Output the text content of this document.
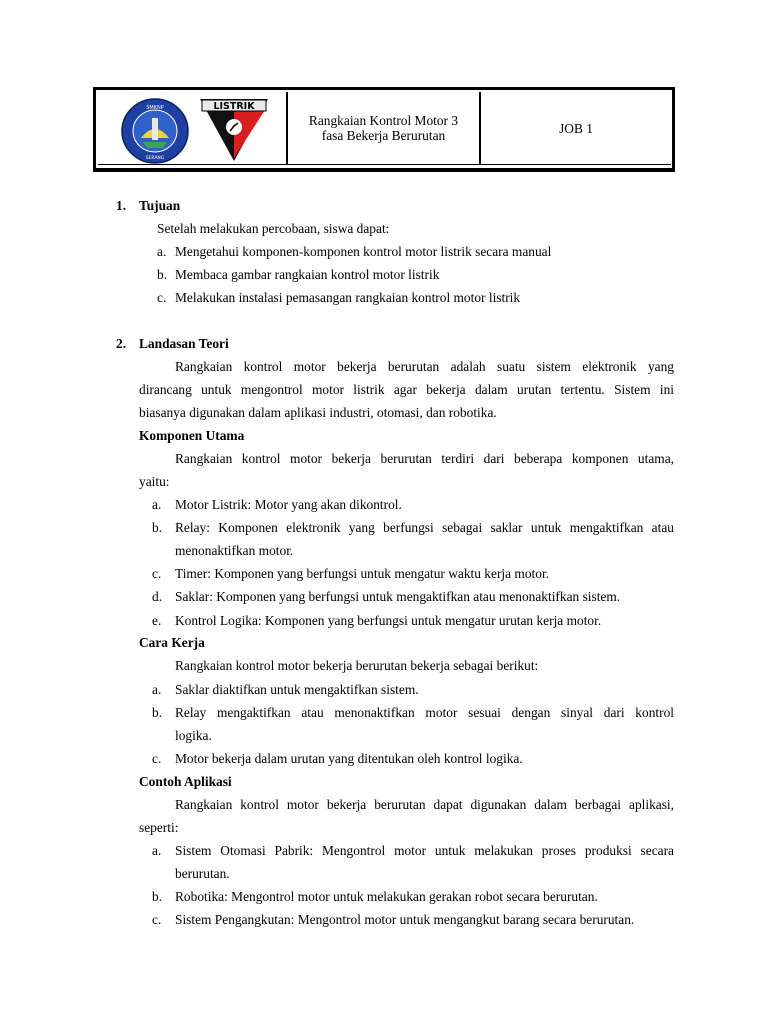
SMKNP
SERANG
LISTRIK
Rangkaian Kontrol Motor 3 fasa Bekerja Berurutan	JOB 1
1. Tujuan
Setelah melakukan percobaan, siswa dapat:
a. Mengetahui komponen-komponen kontrol motor listrik secara manual
b. Membaca gambar rangkaian kontrol motor listrik
c. Melakukan instalasi pemasangan rangkaian kontrol motor listrik
2. Landasan Teori
Rangkaian kontrol motor bekerja berurutan adalah suatu sistem elektronik yang
dirancang untuk mengontrol motor listrik agar bekerja dalam urutan tertentu. Sistem ini
biasanya digunakan dalam aplikasi industri, otomasi, dan robotika.
Komponen Utama
Rangkaian kontrol motor bekerja berurutan terdiri dari beberapa komponen utama,
yaitu:
a. Motor Listrik: Motor yang akan dikontrol.
b. Relay: Komponen elektronik yang berfungsi sebagai saklar untuk mengaktifkan atau
menonaktifkan motor.
c. Timer: Komponen yang berfungsi untuk mengatur waktu kerja motor.
d. Saklar: Komponen yang berfungsi untuk mengaktifkan atau menonaktifkan sistem.
e. Kontrol Logika: Komponen yang berfungsi untuk mengatur urutan kerja motor.
Cara Kerja
Rangkaian kontrol motor bekerja berurutan bekerja sebagai berikut:
a. Saklar diaktifkan untuk mengaktifkan sistem.
b. Relay mengaktifkan atau menonaktifkan motor sesuai dengan sinyal dari kontrol
logika.
c. Motor bekerja dalam urutan yang ditentukan oleh kontrol logika.
Contoh Aplikasi
Rangkaian kontrol motor bekerja berurutan dapat digunakan dalam berbagai aplikasi,
seperti:
a. Sistem Otomasi Pabrik: Mengontrol motor untuk melakukan proses produksi secara
berurutan.
b. Robotika: Mengontrol motor untuk melakukan gerakan robot secara berurutan.
c. Sistem Pengangkutan: Mengontrol motor untuk mengangkut barang secara berurutan.
